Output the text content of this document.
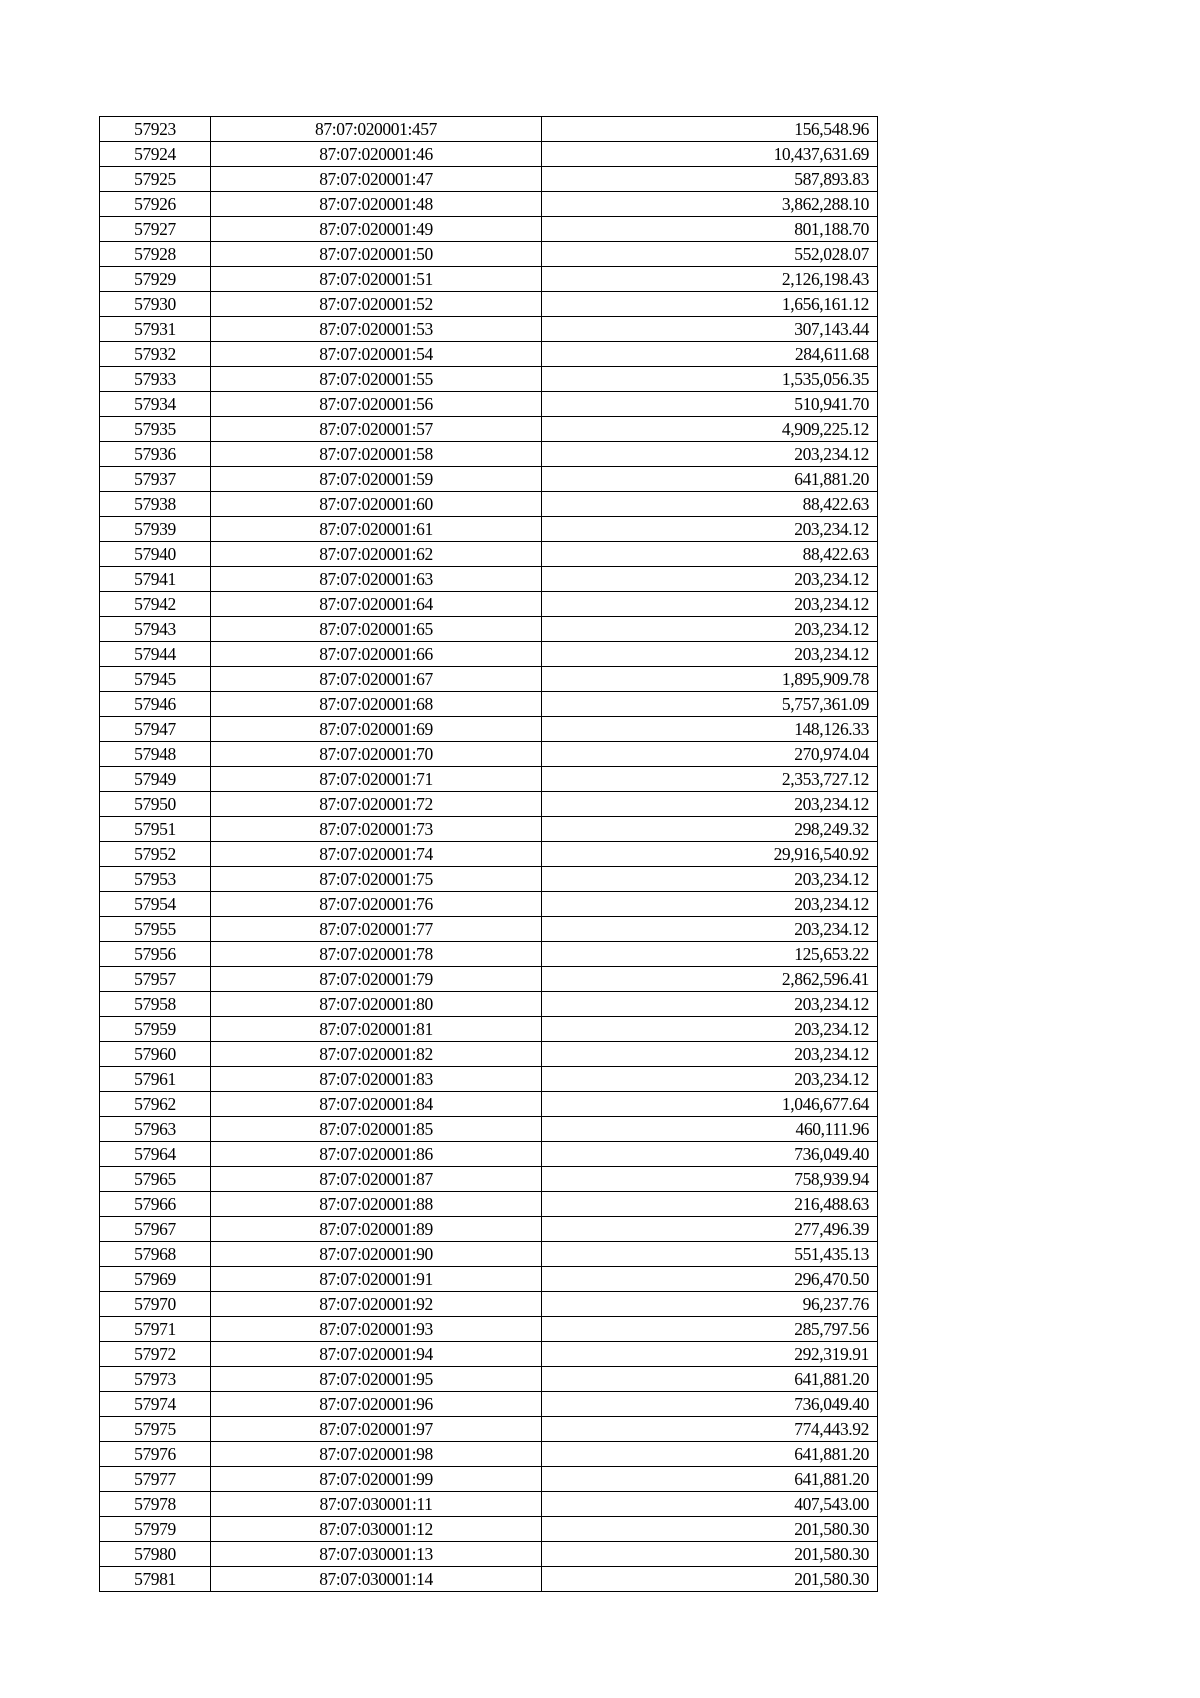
57923	87:07:020001:457	156,548.96
57924	87:07:020001:46	10,437,631.69
57925	87:07:020001:47	587,893.83
57926	87:07:020001:48	3,862,288.10
57927	87:07:020001:49	801,188.70
57928	87:07:020001:50	552,028.07
57929	87:07:020001:51	2,126,198.43
57930	87:07:020001:52	1,656,161.12
57931	87:07:020001:53	307,143.44
57932	87:07:020001:54	284,611.68
57933	87:07:020001:55	1,535,056.35
57934	87:07:020001:56	510,941.70
57935	87:07:020001:57	4,909,225.12
57936	87:07:020001:58	203,234.12
57937	87:07:020001:59	641,881.20
57938	87:07:020001:60	88,422.63
57939	87:07:020001:61	203,234.12
57940	87:07:020001:62	88,422.63
57941	87:07:020001:63	203,234.12
57942	87:07:020001:64	203,234.12
57943	87:07:020001:65	203,234.12
57944	87:07:020001:66	203,234.12
57945	87:07:020001:67	1,895,909.78
57946	87:07:020001:68	5,757,361.09
57947	87:07:020001:69	148,126.33
57948	87:07:020001:70	270,974.04
57949	87:07:020001:71	2,353,727.12
57950	87:07:020001:72	203,234.12
57951	87:07:020001:73	298,249.32
57952	87:07:020001:74	29,916,540.92
57953	87:07:020001:75	203,234.12
57954	87:07:020001:76	203,234.12
57955	87:07:020001:77	203,234.12
57956	87:07:020001:78	125,653.22
57957	87:07:020001:79	2,862,596.41
57958	87:07:020001:80	203,234.12
57959	87:07:020001:81	203,234.12
57960	87:07:020001:82	203,234.12
57961	87:07:020001:83	203,234.12
57962	87:07:020001:84	1,046,677.64
57963	87:07:020001:85	460,111.96
57964	87:07:020001:86	736,049.40
57965	87:07:020001:87	758,939.94
57966	87:07:020001:88	216,488.63
57967	87:07:020001:89	277,496.39
57968	87:07:020001:90	551,435.13
57969	87:07:020001:91	296,470.50
57970	87:07:020001:92	96,237.76
57971	87:07:020001:93	285,797.56
57972	87:07:020001:94	292,319.91
57973	87:07:020001:95	641,881.20
57974	87:07:020001:96	736,049.40
57975	87:07:020001:97	774,443.92
57976	87:07:020001:98	641,881.20
57977	87:07:020001:99	641,881.20
57978	87:07:030001:11	407,543.00
57979	87:07:030001:12	201,580.30
57980	87:07:030001:13	201,580.30
57981	87:07:030001:14	201,580.30
